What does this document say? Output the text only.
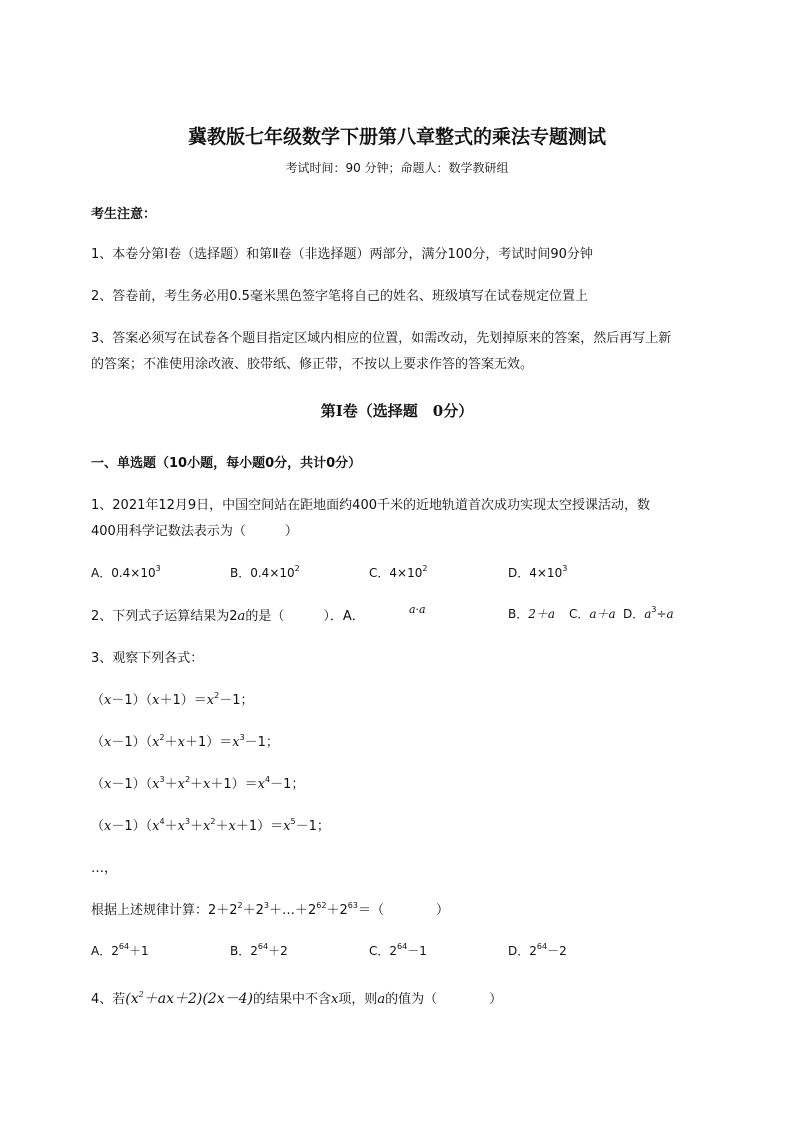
冀教版七年级数学下册第八章整式的乘法专题测试
考试时间：90 分钟；命题人：数学教研组
考生注意：
1、本卷分第Ⅰ卷（选择题）和第Ⅱ卷（非选择题）两部分，满分100分，考试时间90分钟
2、答卷前，考生务必用0.5毫米黑色签字笔将自己的姓名、班级填写在试卷规定位置上
3、答案必须写在试卷各个题目指定区域内相应的位置，如需改动，先划掉原来的答案，然后再写上新
的答案；不准使用涂改液、胶带纸、修正带，不按以上要求作答的答案无效。
第Ⅰ卷（选择题　0分）
一、单选题（10小题，每小题0分，共计0分）
1、2021年12月9日，中国空间站在距地面约400千米的近地轨道首次成功实现太空授课活动，数
400用科学记数法表示为（　　　）
A．$0.4\times 10^3$	B．$0.4\times 10^2$	C．$4\times 10^2$	D．$4\times 10^3$
2、下列式子运算结果为2a的是（　　　）．A．	a·a	B．2＋a C．a＋a D．$a^3\div a$
3、观察下列各式：
$(x-1)(x+1)=x^2-1$；
$(x-1)(x^2+x+1)=x^3-1$；
$(x-1)(x^3+x^2+x+1)=x^4-1$；
$(x-1)(x^4+x^3+x^2+x+1)=x^5-1$；
…，
根据上述规律计算：$2+2^2+2^3+\dots+2^{62}+2^{63}=$（　　　　）
A．$2^{64}+1$	B．$2^{64}+2$	C．$2^{64}-1$	D．$2^{64}-2$
4、若$(x^2+ax+2)(2x-4)$的结果中不含x项，则a的值为（　　　　）
